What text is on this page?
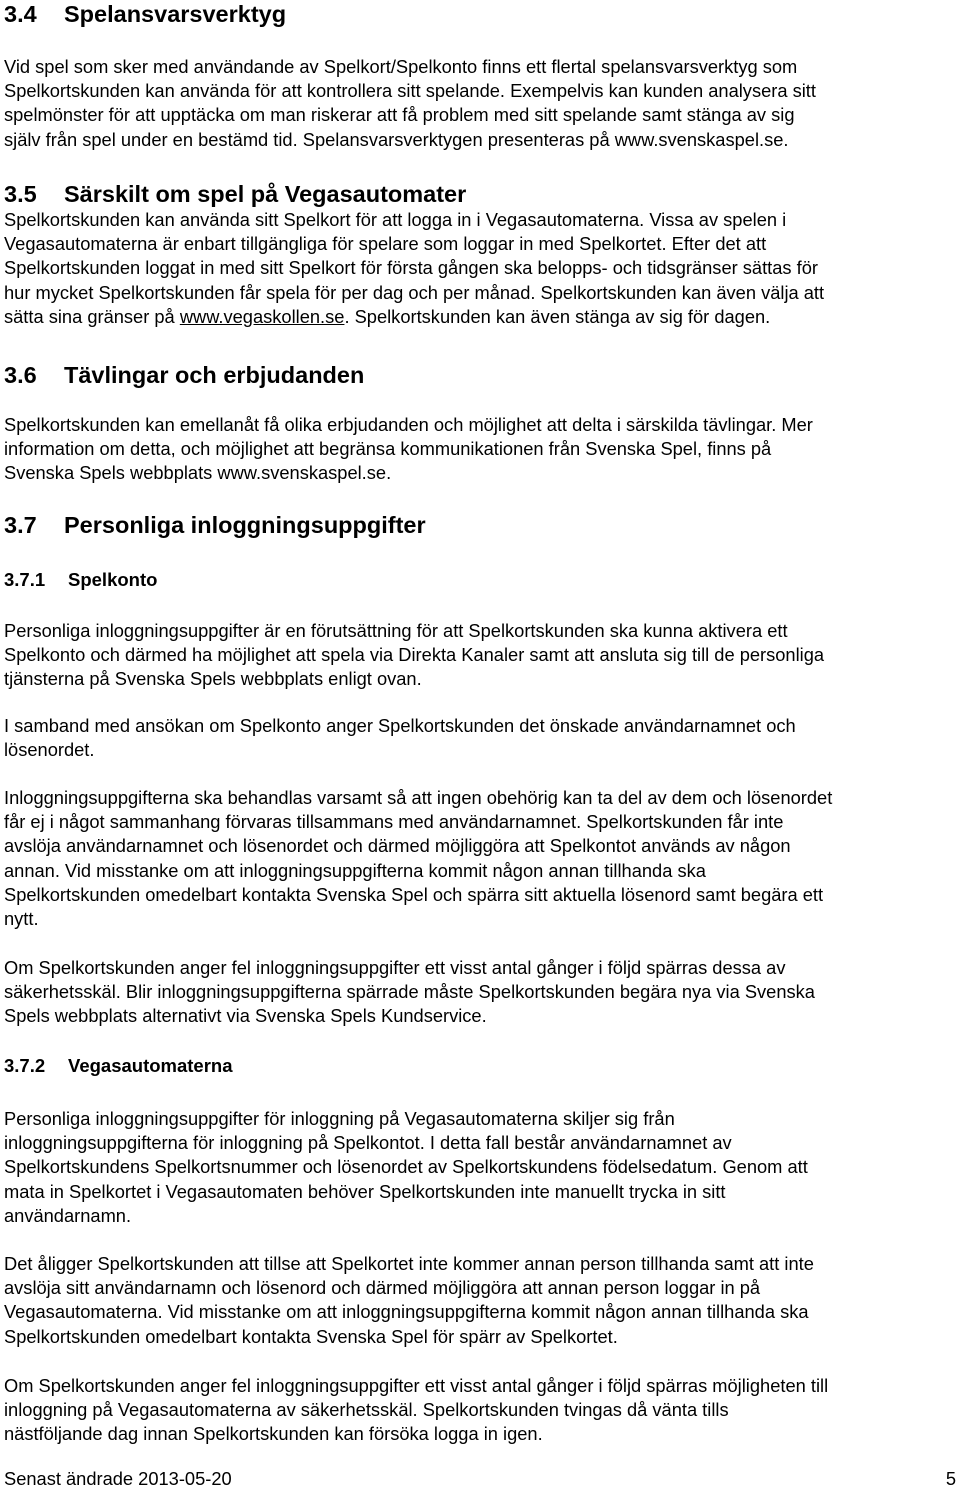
3.4	Spelansvarsverktyg
Vid spel som sker med användande av Spelkort/Spelkonto finns ett flertal spelansvarsverktyg som
Spelkortskunden kan använda för att kontrollera sitt spelande. Exempelvis kan kunden analysera sitt
spelmönster för att upptäcka om man riskerar att få problem med sitt spelande samt stänga av sig
själv från spel under en bestämd tid. Spelansvarsverktygen presenteras på www.svenskaspel.se.
3.5	Särskilt om spel på Vegasautomater
Spelkortskunden kan använda sitt Spelkort för att logga in i Vegasautomaterna. Vissa av spelen i
Vegasautomaterna är enbart tillgängliga för spelare som loggar in med Spelkortet. Efter det att
Spelkortskunden loggat in med sitt Spelkort för första gången ska belopps- och tidsgränser sättas för
hur mycket Spelkortskunden får spela för per dag och per månad. Spelkortskunden kan även välja att
sätta sina gränser på www.vegaskollen.se. Spelkortskunden kan även stänga av sig för dagen.
3.6	Tävlingar och erbjudanden
Spelkortskunden kan emellanåt få olika erbjudanden och möjlighet att delta i särskilda tävlingar. Mer
information om detta, och möjlighet att begränsa kommunikationen från Svenska Spel, finns på
Svenska Spels webbplats www.svenskaspel.se.
3.7	Personliga inloggningsuppgifter
3.7.1	Spelkonto
Personliga inloggningsuppgifter är en förutsättning för att Spelkortskunden ska kunna aktivera ett
Spelkonto och därmed ha möjlighet att spela via Direkta Kanaler samt att ansluta sig till de personliga
tjänsterna på Svenska Spels webbplats enligt ovan.
I samband med ansökan om Spelkonto anger Spelkortskunden det önskade användarnamnet och
lösenordet.
Inloggningsuppgifterna ska behandlas varsamt så att ingen obehörig kan ta del av dem och lösenordet
får ej i något sammanhang förvaras tillsammans med användarnamnet. Spelkortskunden får inte
avslöja användarnamnet och lösenordet och därmed möjliggöra att Spelkontot används av någon
annan. Vid misstanke om att inloggningsuppgifterna kommit någon annan tillhanda ska
Spelkortskunden omedelbart kontakta Svenska Spel och spärra sitt aktuella lösenord samt begära ett
nytt.
Om Spelkortskunden anger fel inloggningsuppgifter ett visst antal gånger i följd spärras dessa av
säkerhetsskäl. Blir inloggningsuppgifterna spärrade måste Spelkortskunden begära nya via Svenska
Spels webbplats alternativt via Svenska Spels Kundservice.
3.7.2	Vegasautomaterna
Personliga inloggningsuppgifter för inloggning på Vegasautomaterna skiljer sig från
inloggningsuppgifterna för inloggning på Spelkontot. I detta fall består användarnamnet av
Spelkortskundens Spelkortsnummer och lösenordet av Spelkortskundens födelsedatum. Genom att
mata in Spelkortet i Vegasautomaten behöver Spelkortskunden inte manuellt trycka in sitt
användarnamn.
Det åligger Spelkortskunden att tillse att Spelkortet inte kommer annan person tillhanda samt att inte
avslöja sitt användarnamn och lösenord och därmed möjliggöra att annan person loggar in på
Vegasautomaterna. Vid misstanke om att inloggningsuppgifterna kommit någon annan tillhanda ska
Spelkortskunden omedelbart kontakta Svenska Spel för spärr av Spelkortet.
Om Spelkortskunden anger fel inloggningsuppgifter ett visst antal gånger i följd spärras möjligheten till
inloggning på Vegasautomaterna av säkerhetsskäl. Spelkortskunden tvingas då vänta tills
nästföljande dag innan Spelkortskunden kan försöka logga in igen.
Senast ändrade 2013-05-20	5
